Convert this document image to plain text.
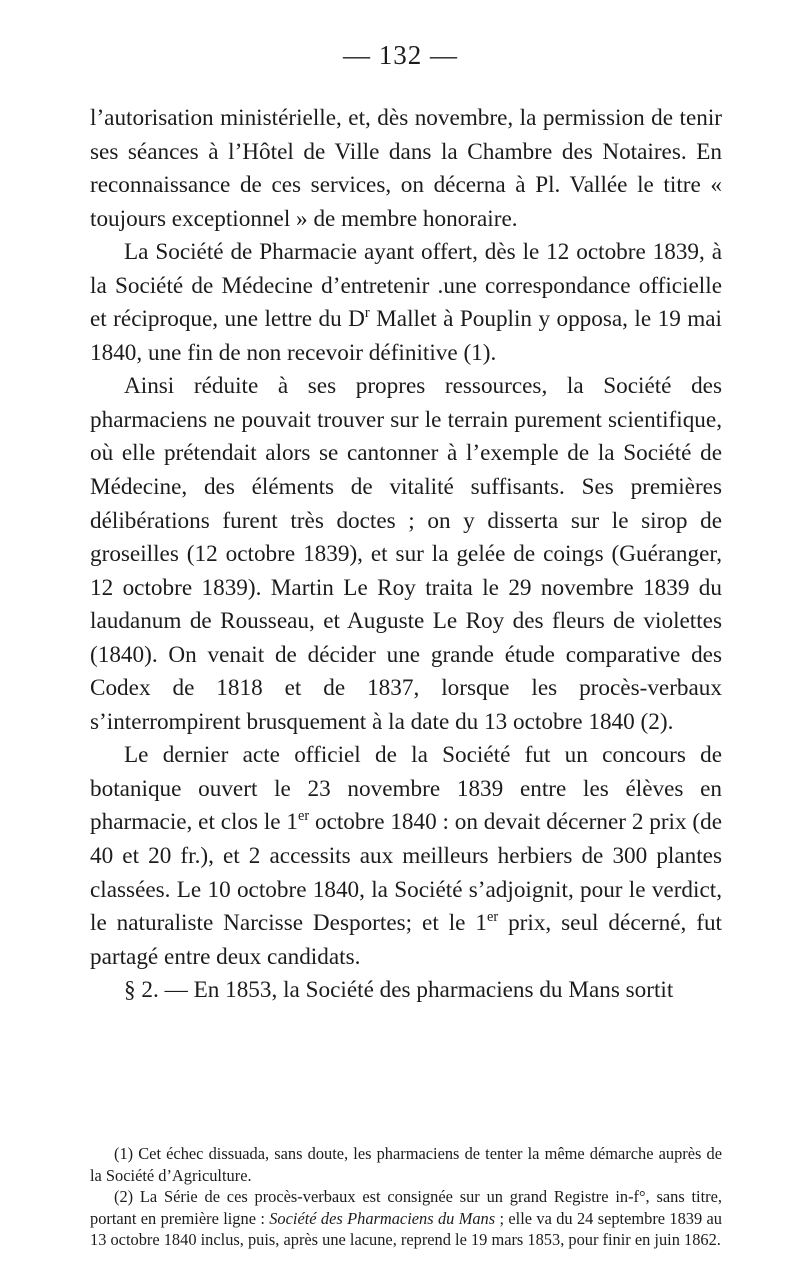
— 132 —

l’autorisation ministérielle, et, dès novembre, la permission de tenir ses séances à l’Hôtel de Ville dans la Chambre des Notaires. En reconnaissance de ces services, on décerna à Pl. Vallée le titre « toujours exceptionnel » de membre honoraire.

La Société de Pharmacie ayant offert, dès le 12 octobre 1839, à la Société de Médecine d’entretenir .une correspondance officielle et réciproque, une lettre du $D^r$ Mallet à Pouplin y opposa, le 19 mai 1840, une fin de non recevoir définitive (1).

Ainsi réduite à ses propres ressources, la Société des pharmaciens ne pouvait trouver sur le terrain purement scientifique, où elle prétendait alors se cantonner à l’exemple de la Société de Médecine, des éléments de vitalité suffisants. Ses premières délibérations furent très doctes ; on y disserta sur le sirop de groseilles (12 octobre 1839), et sur la gelée de coings (Guéranger, 12 octobre 1839). Martin Le Roy traita le 29 novembre 1839 du laudanum de Rousseau, et Auguste Le Roy des fleurs de violettes (1840). On venait de décider une grande étude comparative des Codex de 1818 et de 1837, lorsque les procès-verbaux s’interrompirent brusquement à la date du 13 octobre 1840 (2).

Le dernier acte officiel de la Société fut un concours de botanique ouvert le 23 novembre 1839 entre les élèves en pharmacie, et clos le 1er octobre 1840 : on devait décerner 2 prix (de 40 et 20 fr.), et 2 accessits aux meilleurs herbiers de 300 plantes classées. Le 10 octobre 1840, la Société s’adjoignit, pour le verdict, le naturaliste Narcisse Desportes; et le 1er prix, seul décerné, fut partagé entre deux candidats.

§ 2. — En 1853, la Société des pharmaciens du Mans sortit

(1) Cet échec dissuada, sans doute, les pharmaciens de tenter la même démarche auprès de la Société d’Agriculture.

(2) La Série de ces procès-verbaux est consignée sur un grand Registre in-f°, sans titre, portant en première ligne : Société des Pharmaciens du Mans ; elle va du 24 septembre 1839 au 13 octobre 1840 inclus, puis, après une lacune, reprend le 19 mars 1853, pour finir en juin 1862.
